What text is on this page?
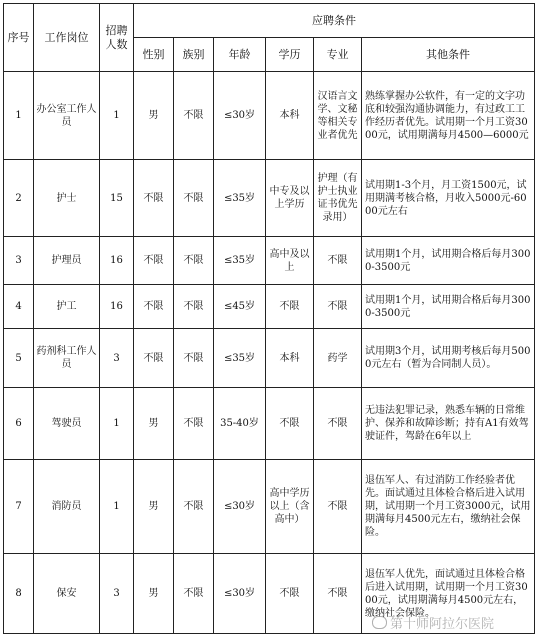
序号	工作岗位	招聘人数	应聘条件					
			性别	族别	年龄	学历	专业	其他条件
1	办公室工作人员	1	男	不限	≤30岁	本科	汉语言文学、文秘等相关专业者优先	熟练掌握办公软件，有一定的文字功底和较强沟通协调能力，有过政工工作经历者优先。试用期一个月工资3000元，试用期满每月4500—6000元
2	护士	15	不限	不限	≤35岁	中专及以上学历	护理（有护士执业证书优先录用）	试用期1-3个月，月工资1500元，试用期满考核合格，月收入5000元-6000元左右
3	护理员	16	不限	不限	≤35岁	高中及以上	不限	试用期1个月，试用期合格后每月3000-3500元
4	护工	16	不限	不限	≤45岁	不限	不限	试用期1个月，试用期合格后每月3000-3500元
5	药剂科工作人员	3	不限	不限	≤35岁	本科	药学	试用期3个月，试用期考核后每月5000元左右（暂为合同制人员）。
6	驾驶员	1	男	不限	35-40岁	不限	不限	无违法犯罪记录，熟悉车辆的日常维护、保养和故障诊断；持有A1有效驾驶证件，驾龄在6年以上
7	消防员	1	男	不限	≤30岁	高中学历以上（含高中）	不限	退伍军人、有过消防工作经验者优先。面试通过且体检合格后进入试用期，试用期一个月工资3000元，试用期满每月4500元左右，缴纳社会保险。
8	保安	3	男	不限	≤30岁	不限	不限	退伍军人优先，面试通过且体检合格后进入试用期，试用期一个月工资3000元，试用期满每月4500元左右，缴纳社会保险。
第十师阿拉尔医院
